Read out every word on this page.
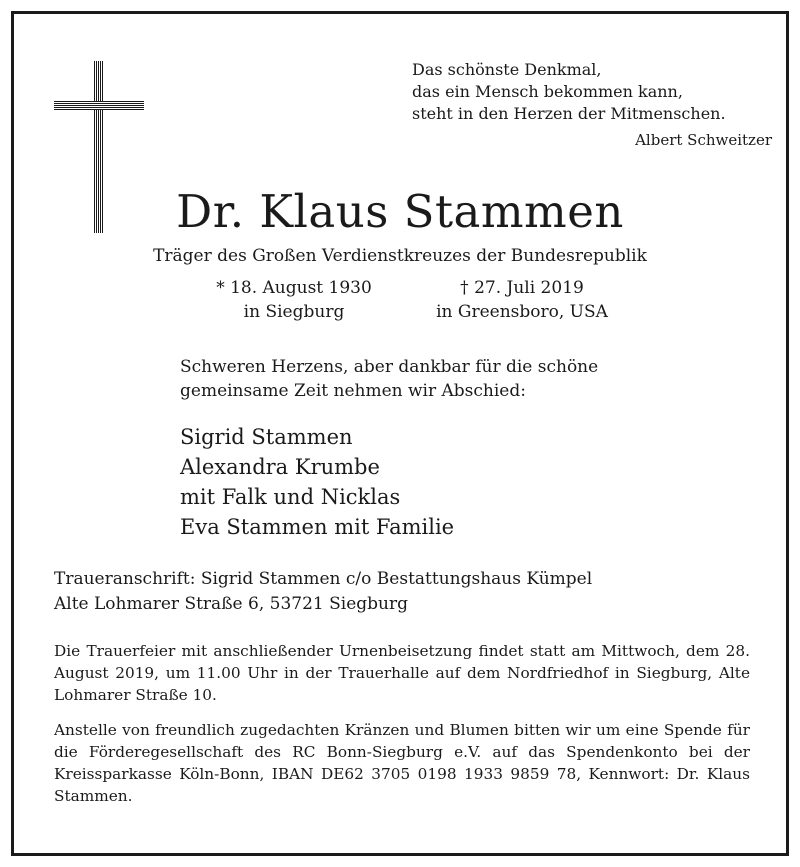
Das schönste Denkmal,
das ein Mensch bekommen kann,
steht in den Herzen der Mitmenschen.
Albert Schweitzer
Dr. Klaus Stammen
Träger des Großen Verdienstkreuzes der Bundesrepublik
* 18. August 1930
in Siegburg
† 27. Juli 2019
in Greensboro, USA
Schweren Herzens, aber dankbar für die schöne
gemeinsame Zeit nehmen wir Abschied:
Sigrid Stammen
Alexandra Krumbe
mit Falk und Nicklas
Eva Stammen mit Familie
Traueranschrift: Sigrid Stammen c/o Bestattungshaus Kümpel
Alte Lohmarer Straße 6, 53721 Siegburg
Die Trauerfeier mit anschließender Urnenbeisetzung findet statt am Mittwoch, dem 28. August 2019, um 11.00 Uhr in der Trauerhalle auf dem Nordfriedhof in Siegburg, Alte Lohmarer Straße 10.
Anstelle von freundlich zugedachten Kränzen und Blumen bitten wir um eine Spende für die Förderegesellschaft des RC Bonn-Siegburg e.V. auf das Spendenkonto bei der Kreissparkasse Köln-Bonn, IBAN DE62 3705 0198 1933 9859 78, Kennwort: Dr. Klaus Stammen.
